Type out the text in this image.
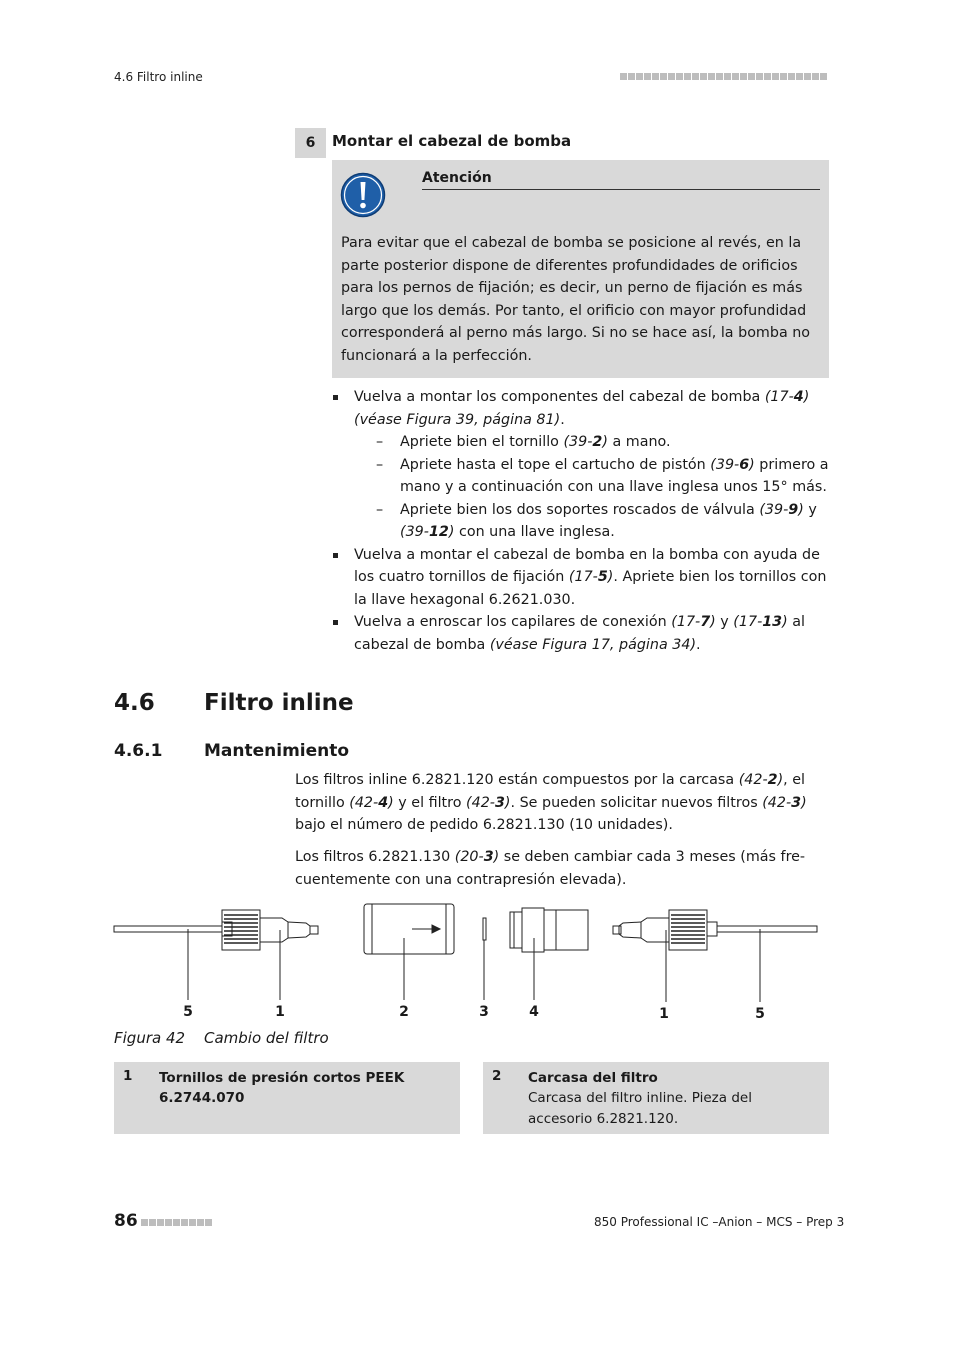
4.6 Filtro inline
6	Montar el cabezal de bomba
Atención
Para evitar que el cabezal de bomba se posicione al revés, en la parte posterior dispone de diferentes profundidades de orificios para los pernos de fijación; es decir, un perno de fijación es más largo que los demás. Por tanto, el orificio con mayor profundidad corresponderá al perno más largo. Si no se hace así, la bomba no funcionará a la perfección.
Vuelva a montar los componentes del cabezal de bomba (17-4) (véase Figura 39, página 81).
– Apriete bien el tornillo (39-2) a mano.
– Apriete hasta el tope el cartucho de pistón (39-6) primero a mano y a continuación con una llave inglesa unos 15° más.
– Apriete bien los dos soportes roscados de válvula (39-9) y (39-12) con una llave inglesa.
Vuelva a montar el cabezal de bomba en la bomba con ayuda de los cuatro tornillos de fijación (17-5). Apriete bien los tornillos con la llave hexagonal 6.2621.030.
Vuelva a enroscar los capilares de conexión (17-7) y (17-13) al cabezal de bomba (véase Figura 17, página 34).
4.6 Filtro inline
4.6.1 Mantenimiento
Los filtros inline 6.2821.120 están compuestos por la carcasa (42-2), el tornillo (42-4) y el filtro (42-3). Se pueden solicitar nuevos filtros (42-3) bajo el número de pedido 6.2821.130 (10 unidades).
Los filtros 6.2821.130 (20-3) se deben cambiar cada 3 meses (más fre-cuentemente con una contrapresión elevada).
5	1	2	3	4	1	5
Figura 42 Cambio del filtro
1 Tornillos de presión cortos PEEK 6.2744.070
2 Carcasa del filtro
Carcasa del filtro inline. Pieza del accesorio 6.2821.120.
86	850 Professional IC –Anion – MCS – Prep 3
